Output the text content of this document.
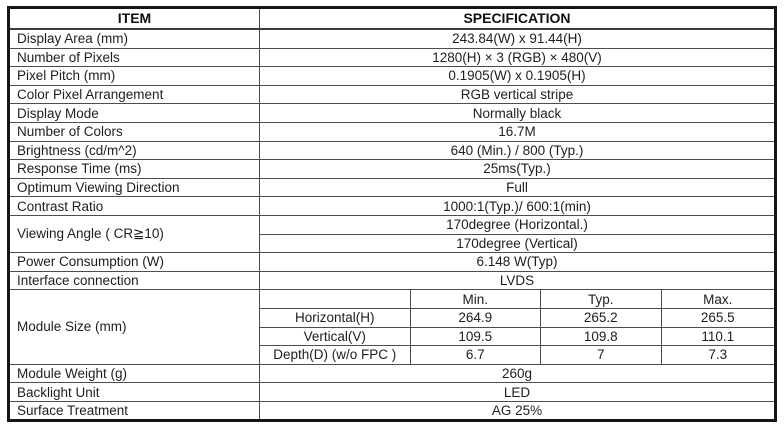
ITEM	SPECIFICATION			
Display Area (mm)	243.84(W) x 91.44(H)			
Number of Pixels	1280(H) × 3 (RGB) × 480(V)			
Pixel Pitch (mm)	0.1905(W) x 0.1905(H)			
Color Pixel Arrangement	RGB vertical stripe			
Display Mode	Normally black			
Number of Colors	16.7M			
Brightness (cd/m^2)	640 (Min.) / 800 (Typ.)			
Response Time (ms)	25ms(Typ.)			
Optimum Viewing Direction	Full			
Contrast Ratio	1000:1(Typ.)/ 600:1(min)			
Viewing Angle ( CR≧10)	170degree (Horizontal.)			
	170degree (Vertical)			
Power Consumption (W)	6.148 W(Typ)			
Interface connection	LVDS			
Module Size (mm)		Min.	Typ.	Max.
	Horizontal(H)	264.9	265.2	265.5
	Vertical(V)	109.5	109.8	110.1
	Depth(D) (w/o FPC )	6.7	7	7.3
Module Weight (g)	260g			
Backlight Unit	LED			
Surface Treatment	AG 25%			
